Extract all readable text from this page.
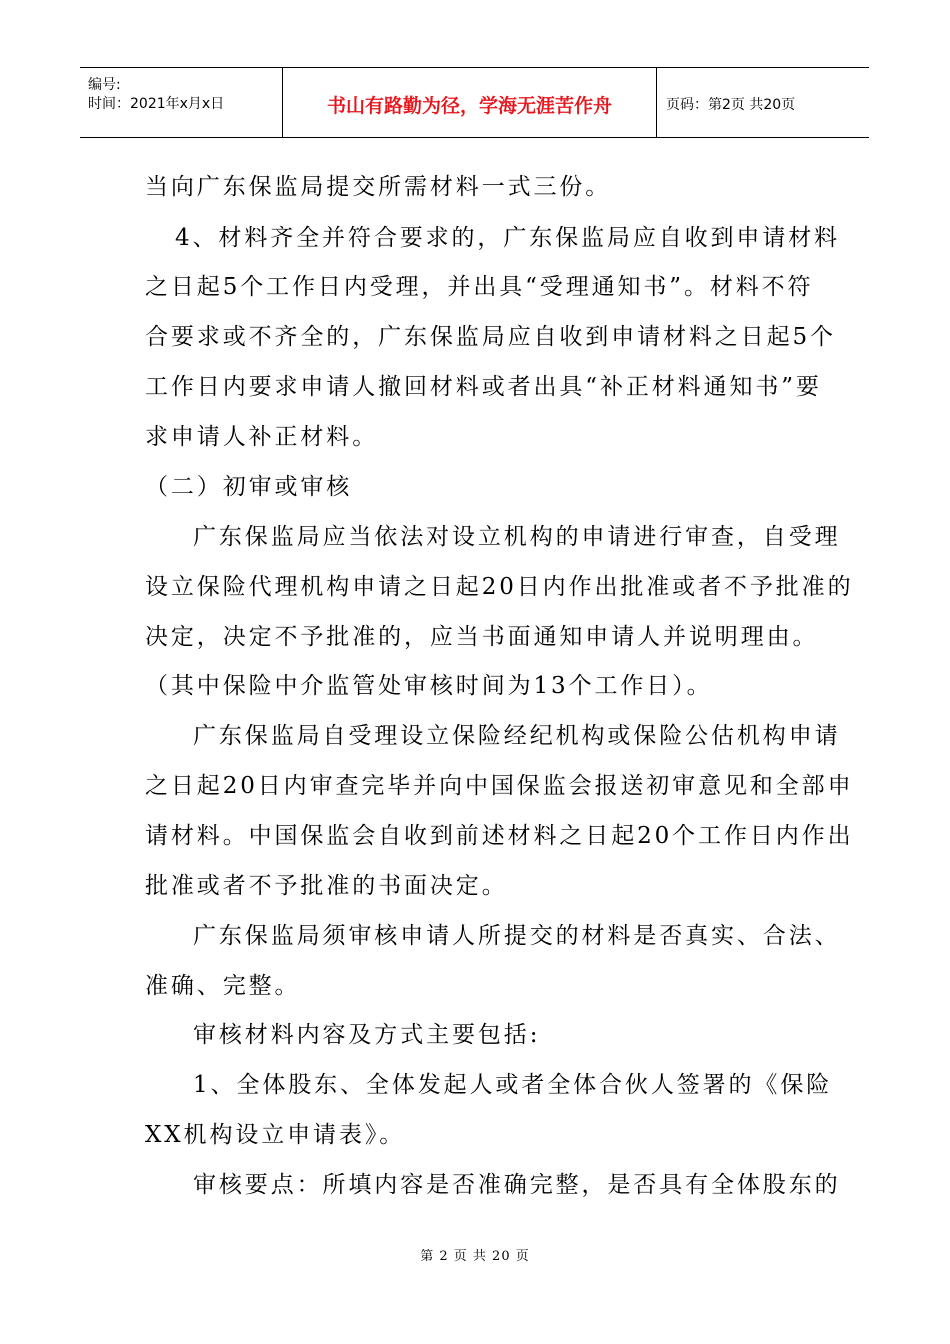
编号:
时间：2021年x月x日	书山有路勤为径，学海无涯苦作舟	页码：第2页 共20页
当向广东保监局提交所需材料一式三份。
4、材料齐全并符合要求的，广东保监局应自收到申请材料
之日起5个工作日内受理，并出具“受理通知书”。材料不符
合要求或不齐全的，广东保监局应自收到申请材料之日起5个
工作日内要求申请人撤回材料或者出具“补正材料通知书”要
求申请人补正材料。
（二）初审或审核
广东保监局应当依法对设立机构的申请进行审查，自受理
设立保险代理机构申请之日起20日内作出批准或者不予批准的
决定，决定不予批准的，应当书面通知申请人并说明理由。
（其中保险中介监管处审核时间为13个工作日）。
广东保监局自受理设立保险经纪机构或保险公估机构申请
之日起20日内审查完毕并向中国保监会报送初审意见和全部申
请材料。中国保监会自收到前述材料之日起20个工作日内作出
批准或者不予批准的书面决定。
广东保监局须审核申请人所提交的材料是否真实、合法、
准确、完整。
审核材料内容及方式主要包括:
1、全体股东、全体发起人或者全体合伙人签署的《保险
XX机构设立申请表》。
审核要点：所填内容是否准确完整，是否具有全体股东的
第 2 页 共 20 页
